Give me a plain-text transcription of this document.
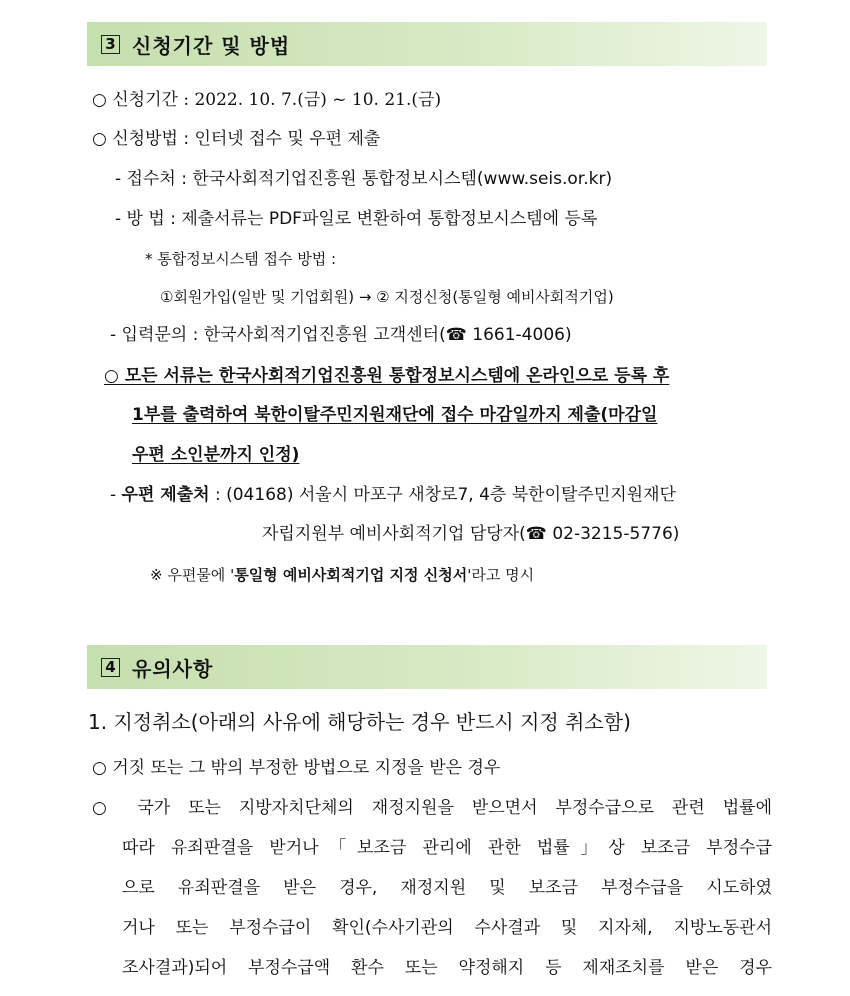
3 신청기간 및 방법
○ 신청기간 : 2022. 10. 7.(금) ~ 10. 21.(금)
○ 신청방법 : 인터넷 접수 및 우편 제출
- 접수처 : 한국사회적기업진흥원 통합정보시스템(www.seis.or.kr)
- 방 법 : 제출서류는 PDF파일로 변환하여 통합정보시스템에 등록
* 통합정보시스템 접수 방법 :
①회원가입(일반 및 기업회원) → ② 지정신청(통일형 예비사회적기업)
- 입력문의 : 한국사회적기업진흥원 고객센터(☎ 1661-4006)
○ 모든 서류는 한국사회적기업진흥원 통합정보시스템에 온라인으로 등록 후
1부를 출력하여 북한이탈주민지원재단에 접수 마감일까지 제출(마감일
우편 소인분까지 인정)
- 우편 제출처 : (04168) 서울시 마포구 새창로7, 4층 북한이탈주민지원재단
자립지원부 예비사회적기업 담당자(☎ 02-3215-5776)
※ 우편물에 '통일형 예비사회적기업 지정 신청서'라고 명시
4 유의사항
1. 지정취소(아래의 사유에 해당하는 경우 반드시 지정 취소함)
○ 거짓 또는 그 밖의 부정한 방법으로 지정을 받은 경우
○ 국가 또는 지방자치단체의 재정지원을 받으면서 부정수급으로 관련 법률에
따라 유죄판결을 받거나「보조금 관리에 관한 법률」상 보조금 부정수급
으로 유죄판결을 받은 경우, 재정지원 및 보조금 부정수급을 시도하였
거나 또는 부정수급이 확인(수사기관의 수사결과 및 지자체, 지방노동관서
조사결과)되어 부정수급액 환수 또는 약정해지 등 제재조치를 받은 경우
